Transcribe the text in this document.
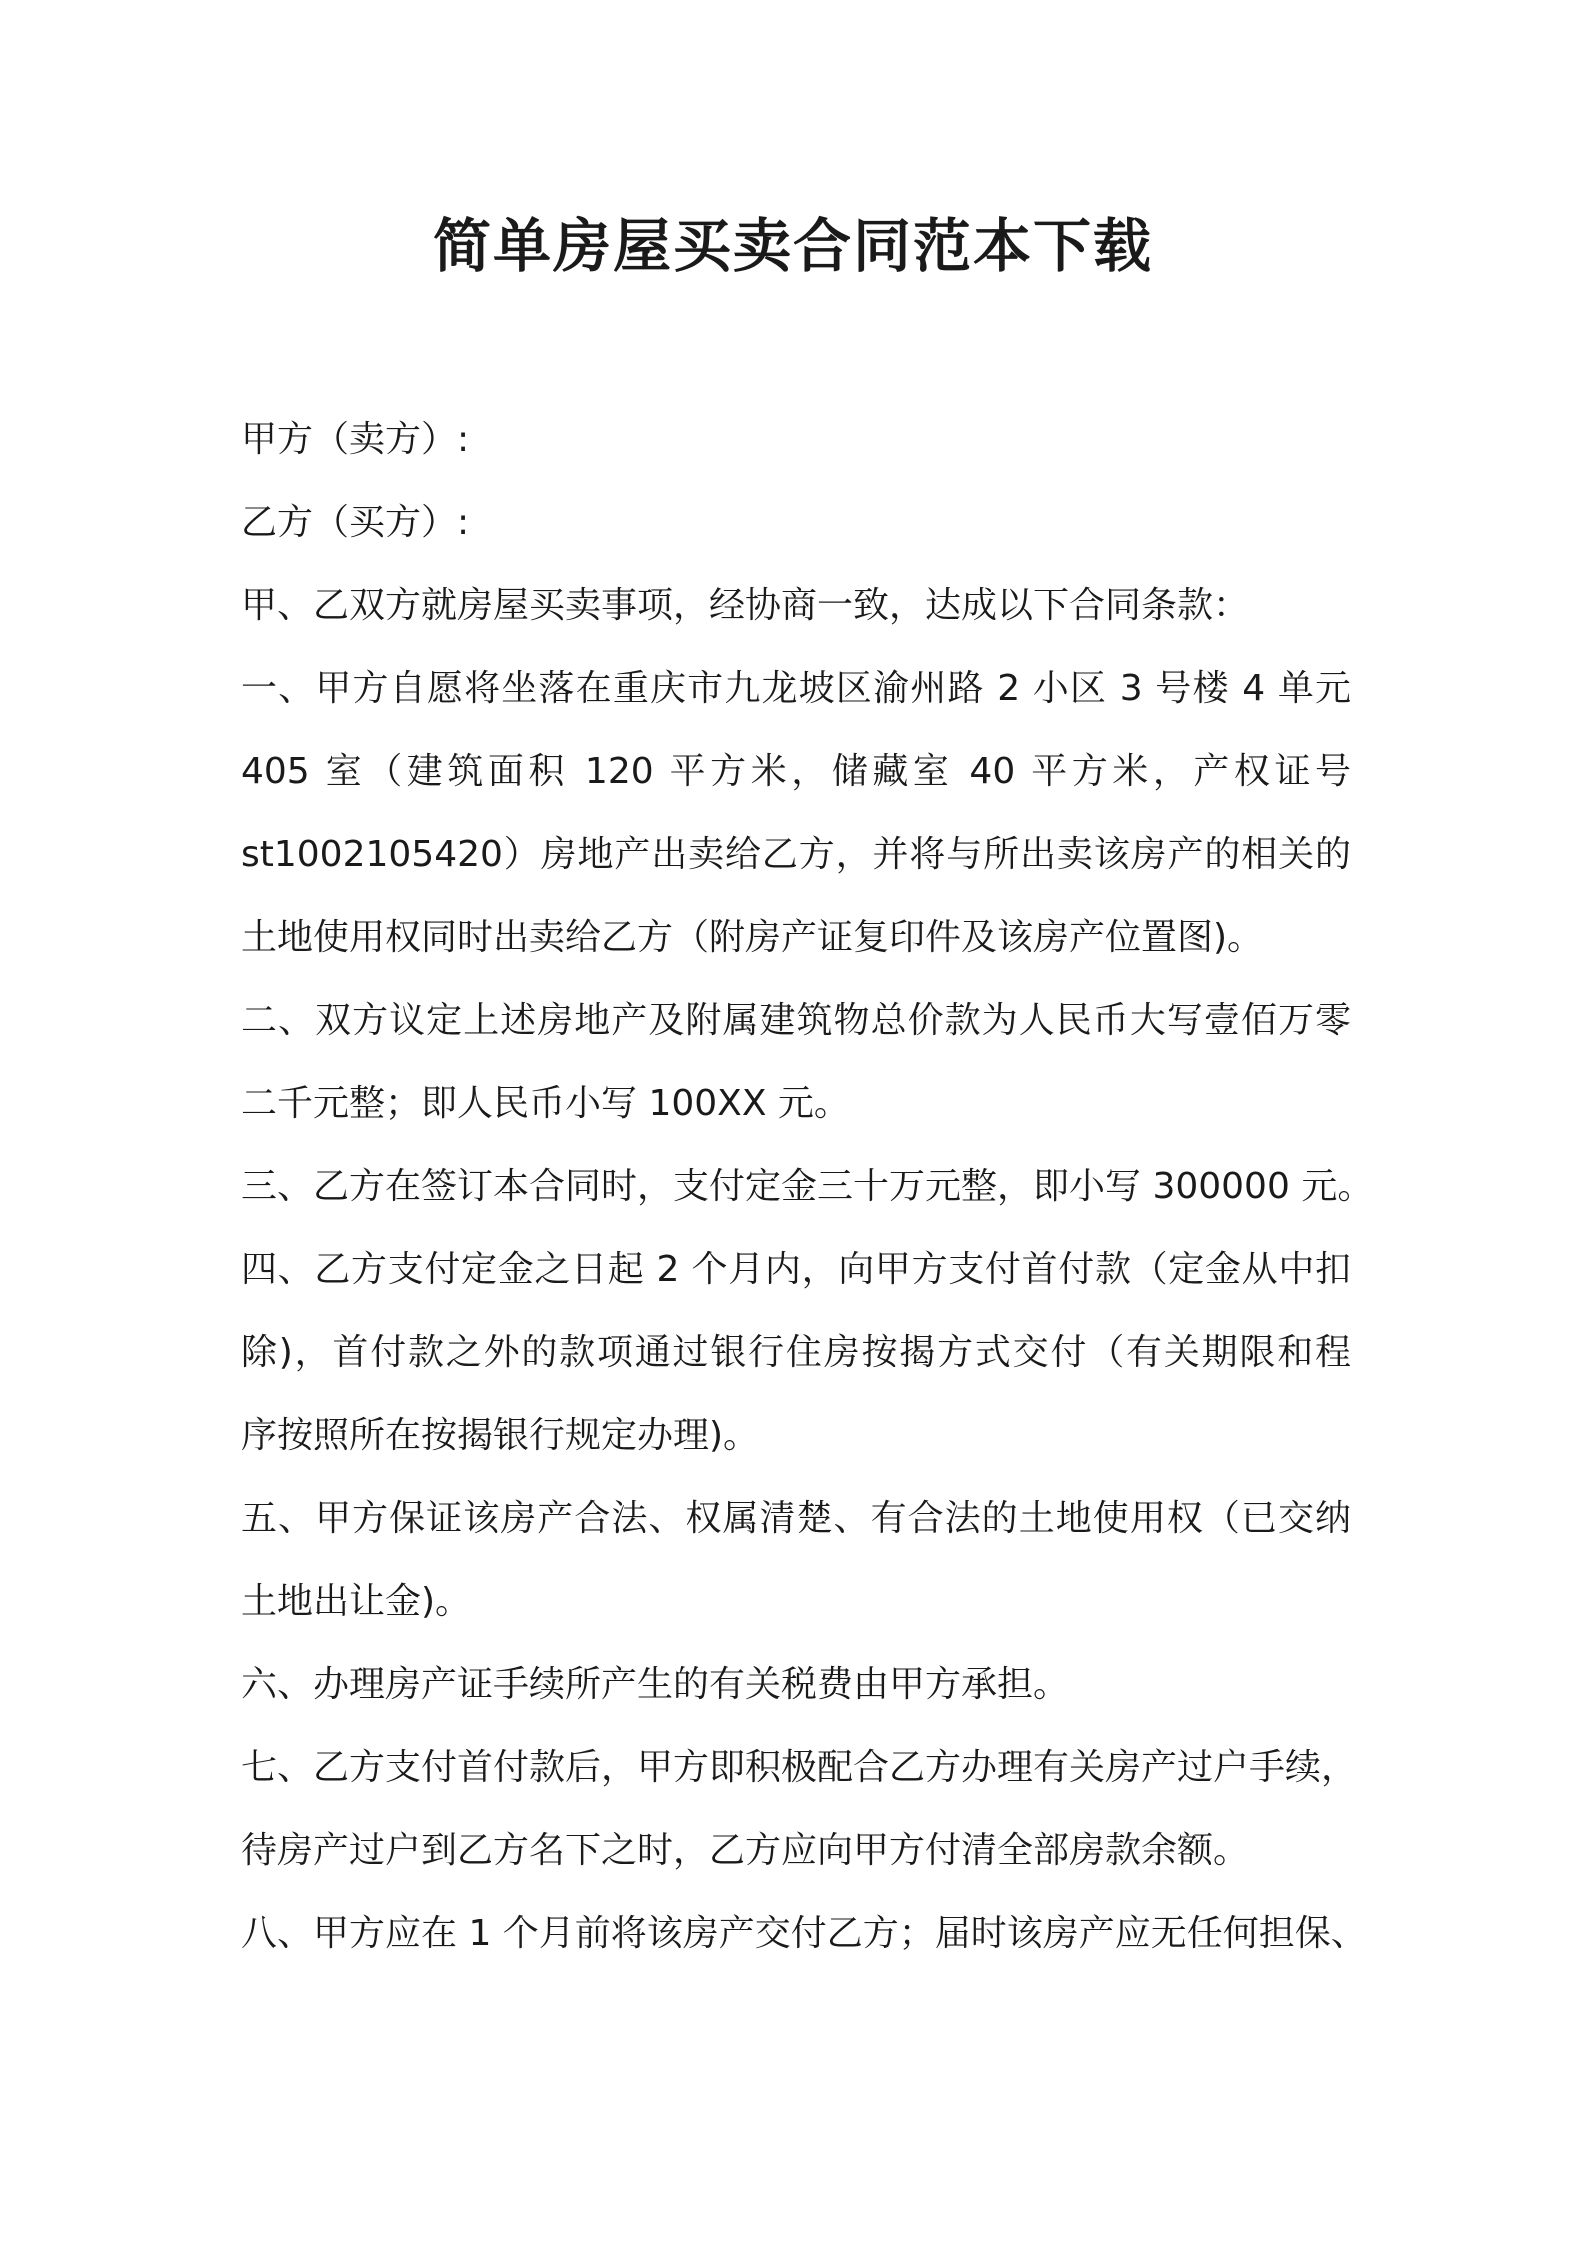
简单房屋买卖合同范本下载
甲方（卖方）:
乙方（买方）:
甲、乙双方就房屋买卖事项，经协商一致，达成以下合同条款：
一、甲方自愿将坐落在重庆市九龙坡区渝州路 2 小区 3 号楼 4 单元
405 室（建筑面积 120 平方米，储藏室 40 平方米，产权证号
st1002105420）房地产出卖给乙方，并将与所出卖该房产的相关的
土地使用权同时出卖给乙方（附房产证复印件及该房产位置图)。
二、双方议定上述房地产及附属建筑物总价款为人民币大写壹佰万零
二千元整；即人民币小写 100XX 元。
三、乙方在签订本合同时，支付定金三十万元整，即小写 300000 元。
四、乙方支付定金之日起 2 个月内，向甲方支付首付款（定金从中扣
除)，首付款之外的款项通过银行住房按揭方式交付（有关期限和程
序按照所在按揭银行规定办理)。
五、甲方保证该房产合法、权属清楚、有合法的土地使用权（已交纳
土地出让金)。
六、办理房产证手续所产生的有关税费由甲方承担。
七、乙方支付首付款后，甲方即积极配合乙方办理有关房产过户手续，
待房产过户到乙方名下之时，乙方应向甲方付清全部房款余额。
八、甲方应在 1 个月前将该房产交付乙方；届时该房产应无任何担保、
